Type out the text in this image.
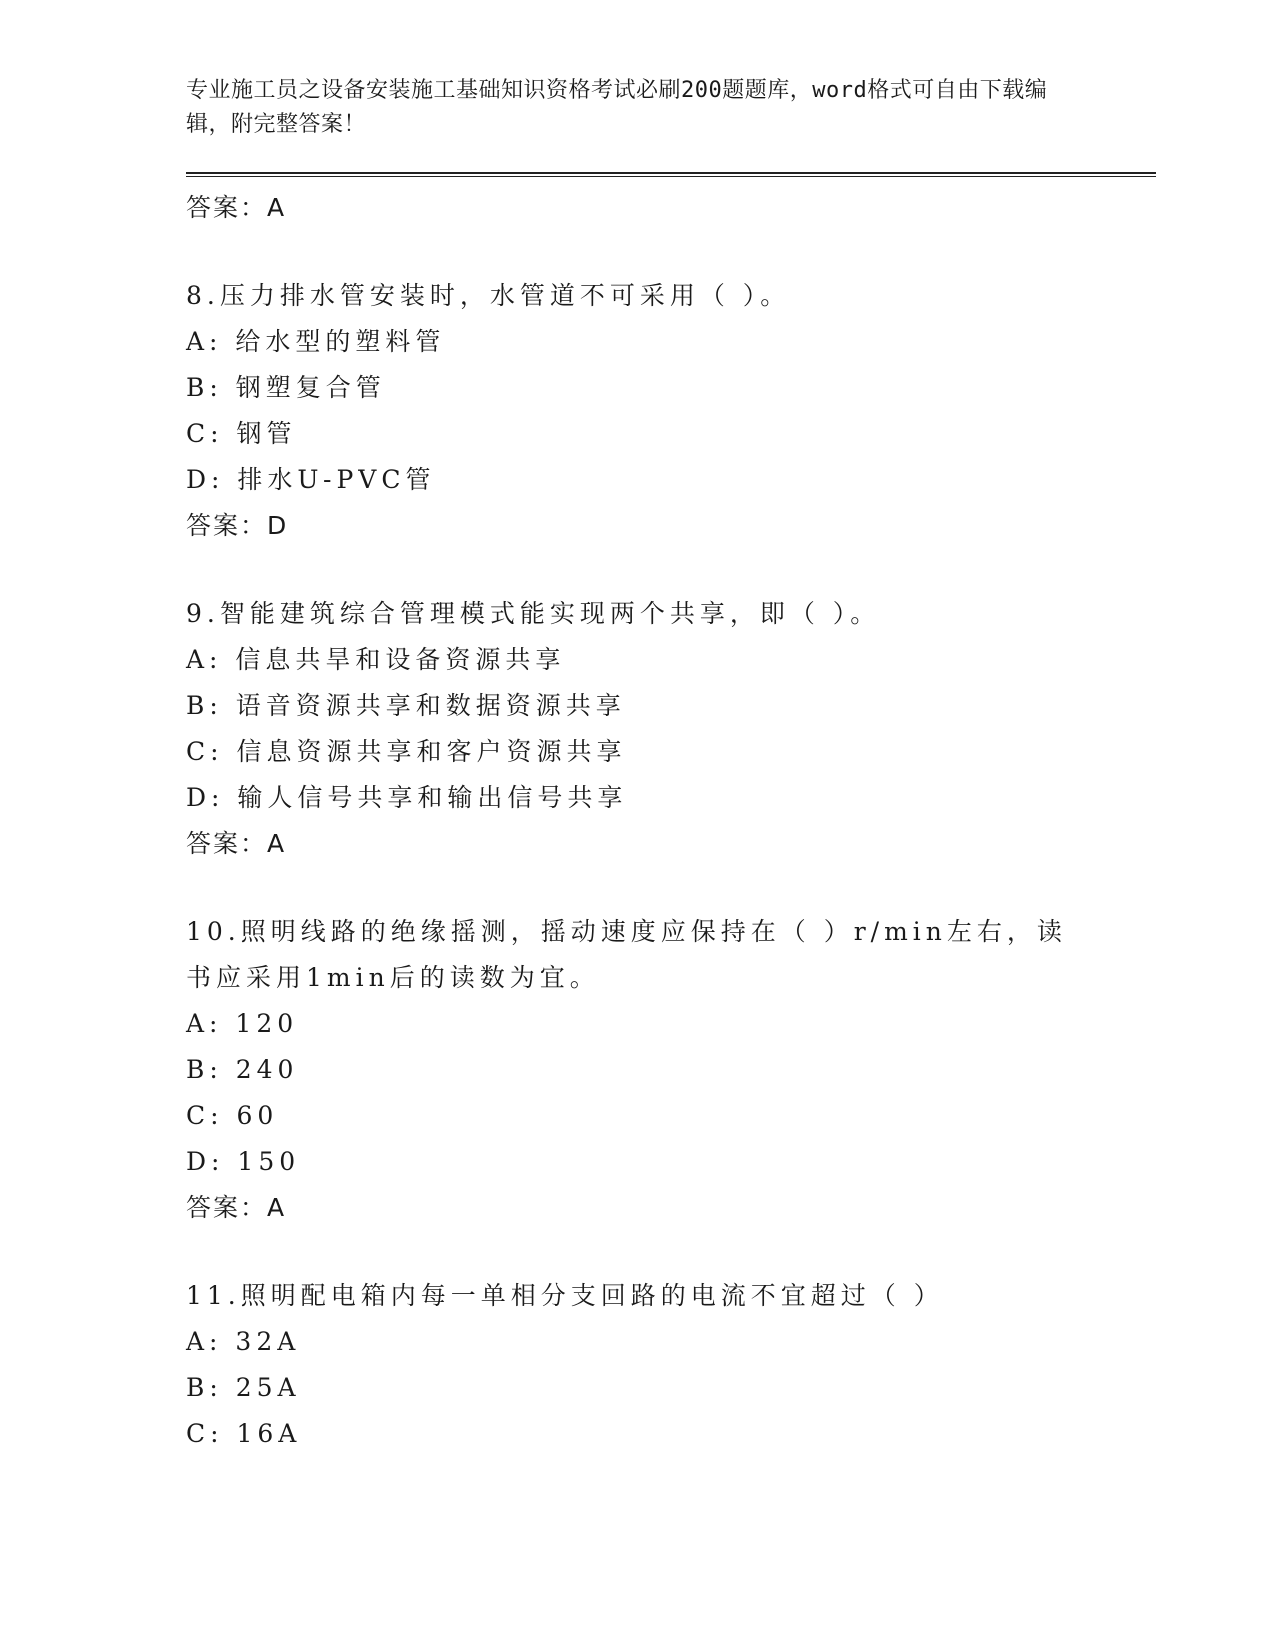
专业施工员之设备安装施工基础知识资格考试必刷200题题库，word格式可自由下载编辑，附完整答案！
答案：A
8.压力排水管安装时，水管道不可采用（ ）。
A: 给水型的塑料管
B: 钢塑复合管
C: 钢管
D: 排水U-PVC管
答案：D
9.智能建筑综合管理模式能实现两个共享，即（ ）。
A: 信息共旱和设备资源共享
B: 语音资源共享和数据资源共享
C: 信息资源共享和客户资源共享
D: 输人信号共享和输出信号共享
答案：A
10.照明线路的绝缘摇测，摇动速度应保持在（ ）r/min左右，读书应采用1min后的读数为宜。
A: 120
B: 240
C: 60
D: 150
答案：A
11.照明配电箱内每一单相分支回路的电流不宜超过（ ）
A: 32A
B: 25A
C: 16A
